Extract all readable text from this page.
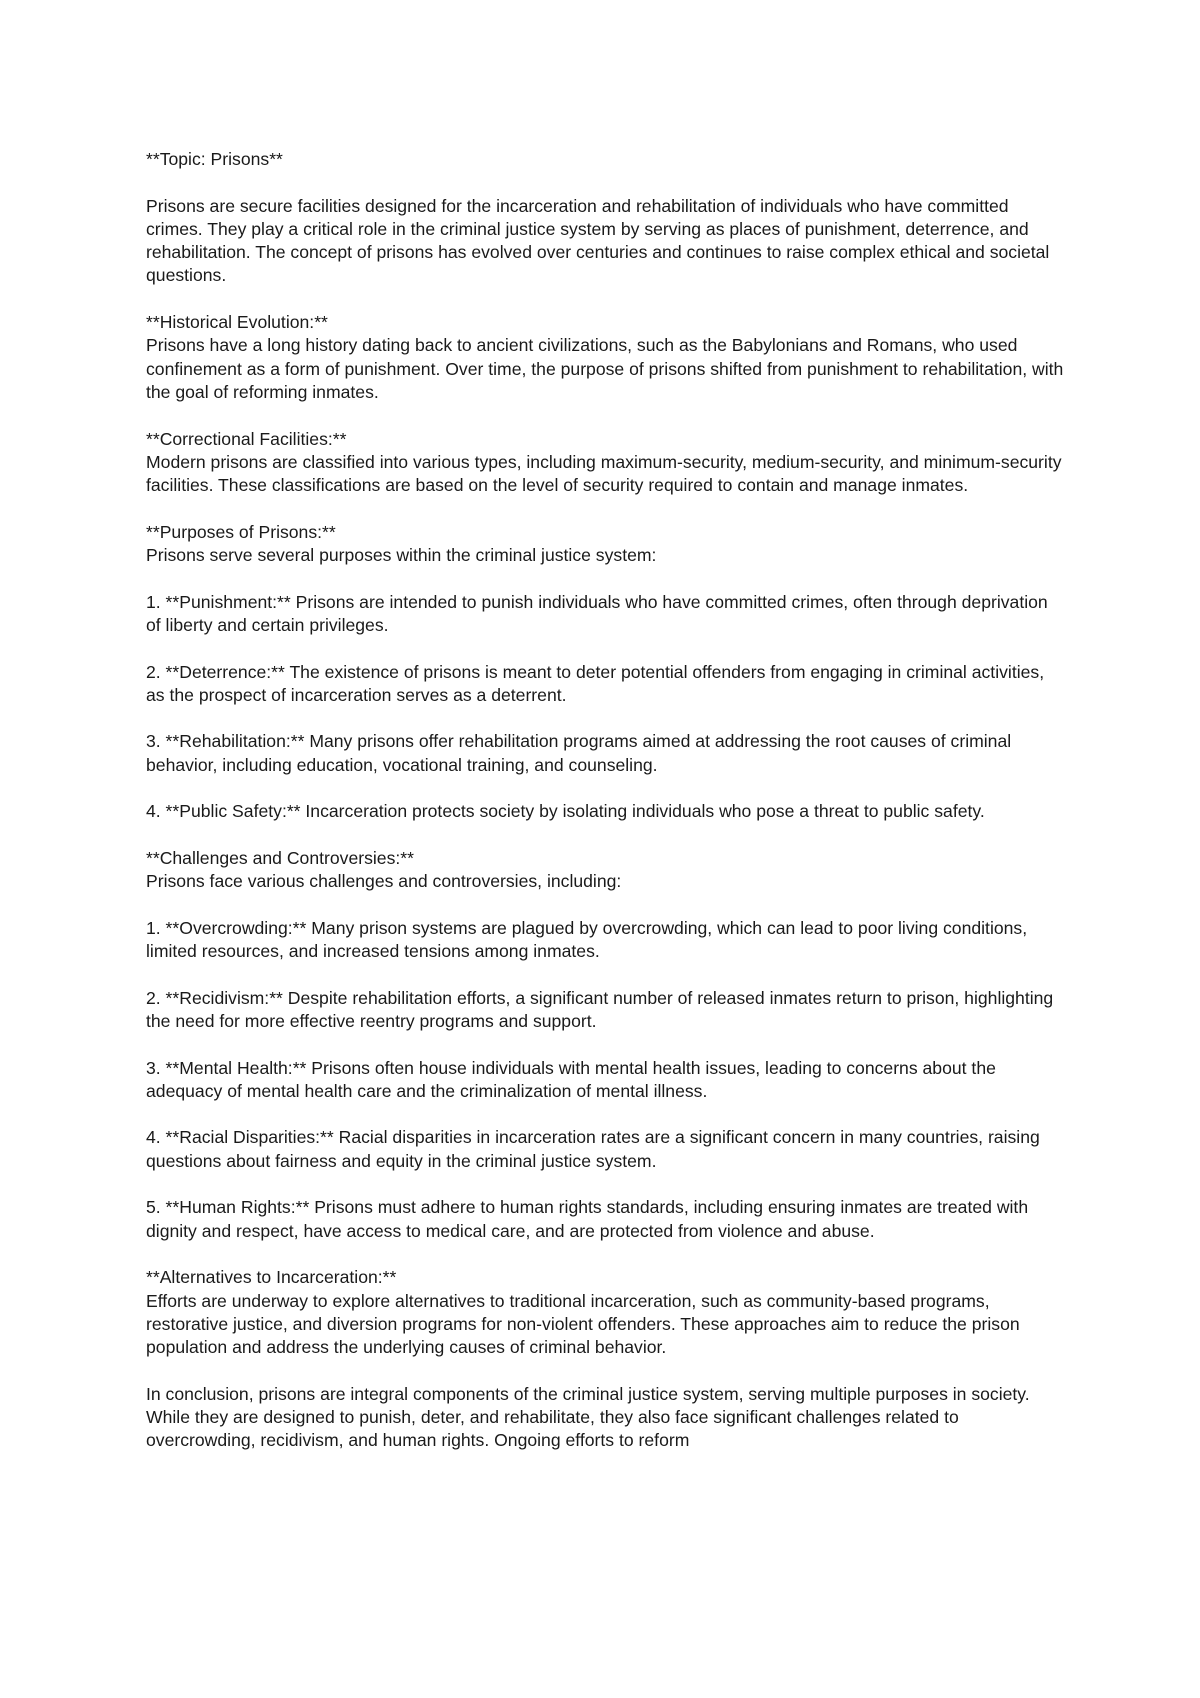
**Topic: Prisons**

Prisons are secure facilities designed for the incarceration and rehabilitation of individuals who have committed crimes. They play a critical role in the criminal justice system by serving as places of punishment, deterrence, and rehabilitation. The concept of prisons has evolved over centuries and continues to raise complex ethical and societal questions.

**Historical Evolution:**

Prisons have a long history dating back to ancient civilizations, such as the Babylonians and Romans, who used confinement as a form of punishment. Over time, the purpose of prisons shifted from punishment to rehabilitation, with the goal of reforming inmates.

**Correctional Facilities:**

Modern prisons are classified into various types, including maximum-security, medium-security, and minimum-security facilities. These classifications are based on the level of security required to contain and manage inmates.

**Purposes of Prisons:**

Prisons serve several purposes within the criminal justice system:

1. **Punishment:** Prisons are intended to punish individuals who have committed crimes, often through deprivation of liberty and certain privileges.

2. **Deterrence:** The existence of prisons is meant to deter potential offenders from engaging in criminal activities, as the prospect of incarceration serves as a deterrent.

3. **Rehabilitation:** Many prisons offer rehabilitation programs aimed at addressing the root causes of criminal behavior, including education, vocational training, and counseling.

4. **Public Safety:** Incarceration protects society by isolating individuals who pose a threat to public safety.

**Challenges and Controversies:**

Prisons face various challenges and controversies, including:

1. **Overcrowding:** Many prison systems are plagued by overcrowding, which can lead to poor living conditions, limited resources, and increased tensions among inmates.

2. **Recidivism:** Despite rehabilitation efforts, a significant number of released inmates return to prison, highlighting the need for more effective reentry programs and support.

3. **Mental Health:** Prisons often house individuals with mental health issues, leading to concerns about the adequacy of mental health care and the criminalization of mental illness.

4. **Racial Disparities:** Racial disparities in incarceration rates are a significant concern in many countries, raising questions about fairness and equity in the criminal justice system.

5. **Human Rights:** Prisons must adhere to human rights standards, including ensuring inmates are treated with dignity and respect, have access to medical care, and are protected from violence and abuse.

**Alternatives to Incarceration:**

Efforts are underway to explore alternatives to traditional incarceration, such as community-based programs, restorative justice, and diversion programs for non-violent offenders. These approaches aim to reduce the prison population and address the underlying causes of criminal behavior.

In conclusion, prisons are integral components of the criminal justice system, serving multiple purposes in society. While they are designed to punish, deter, and rehabilitate, they also face significant challenges related to overcrowding, recidivism, and human rights. Ongoing efforts to reform
